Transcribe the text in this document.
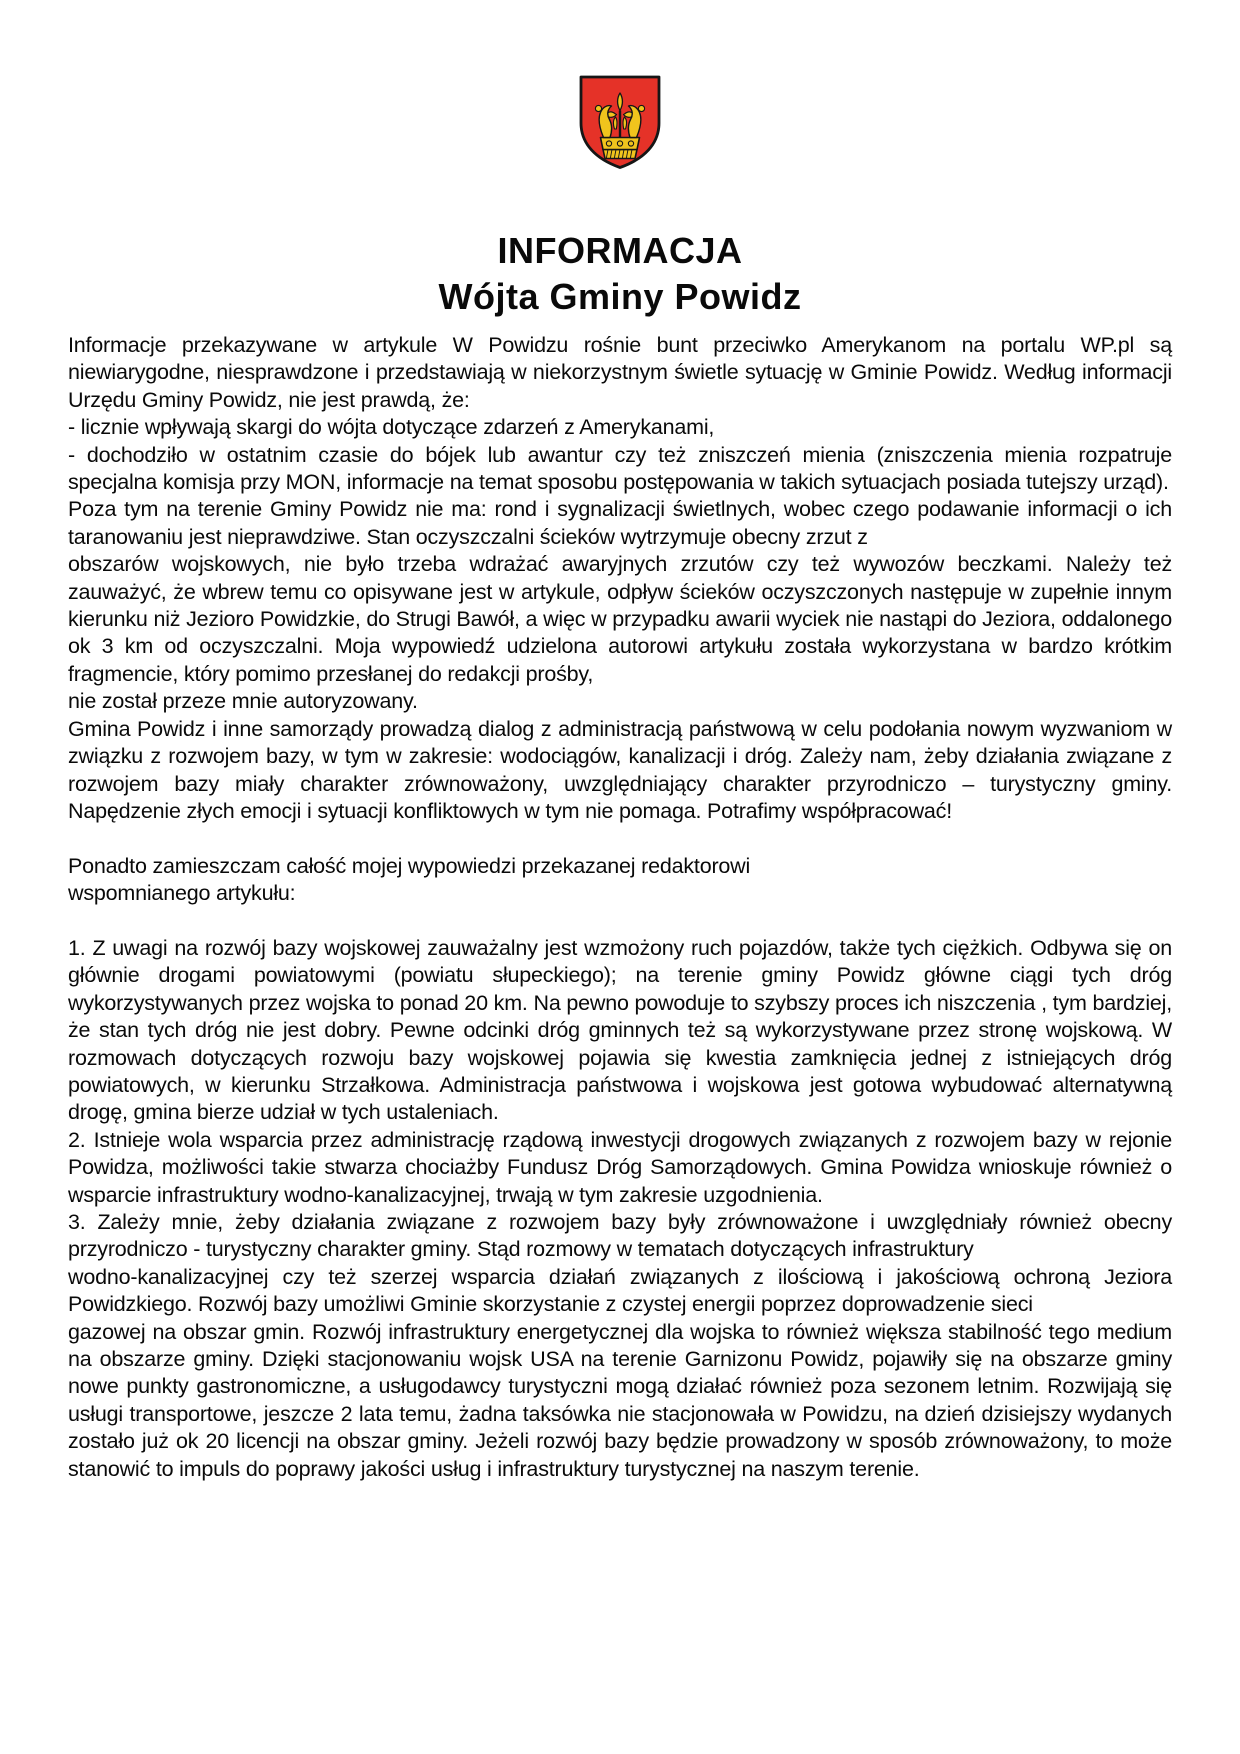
INFORMACJA
Wójta Gminy Powidz

Informacje przekazywane w artykule W Powidzu rośnie bunt przeciwko Amerykanom na portalu WP.pl są niewiarygodne, niesprawdzone i przedstawiają w niekorzystnym świetle sytuację w Gminie Powidz. Według informacji Urzędu Gminy Powidz, nie jest prawdą, że:

- licznie wpływają skargi do wójta dotyczące zdarzeń z Amerykanami,

- dochodziło w ostatnim czasie do bójek lub awantur czy też zniszczeń mienia (zniszczenia mienia rozpatruje specjalna komisja przy MON, informacje na temat sposobu postępowania w takich sytuacjach posiada tutejszy urząd).

Poza tym na terenie Gminy Powidz nie ma: rond i sygnalizacji świetlnych, wobec czego podawanie informacji o ich taranowaniu jest nieprawdziwe. Stan oczyszczalni ścieków wytrzymuje obecny zrzut z

obszarów wojskowych, nie było trzeba wdrażać awaryjnych zrzutów czy też wywozów beczkami. Należy też zauważyć, że wbrew temu co opisywane jest w artykule, odpływ ścieków oczyszczonych następuje w zupełnie innym kierunku niż Jezioro Powidzkie, do Strugi Bawół, a więc w przypadku awarii wyciek nie nastąpi do Jeziora, oddalonego ok 3 km od oczyszczalni. Moja wypowiedź udzielona autorowi artykułu została wykorzystana w bardzo krótkim fragmencie, który pomimo przesłanej do redakcji prośby,

nie został przeze mnie autoryzowany.

Gmina Powidz i inne samorządy prowadzą dialog z administracją państwową w celu podołania nowym wyzwaniom w związku z rozwojem bazy, w tym w zakresie: wodociągów, kanalizacji i dróg. Zależy nam, żeby działania związane z rozwojem bazy miały charakter zrównoważony, uwzględniający charakter przyrodniczo – turystyczny gminy. Napędzenie złych emocji i sytuacji konfliktowych w tym nie pomaga. Potrafimy współpracować!

Ponadto zamieszczam całość mojej wypowiedzi przekazanej redaktorowi

wspomnianego artykułu:

1. Z uwagi na rozwój bazy wojskowej zauważalny jest wzmożony ruch pojazdów, także tych ciężkich. Odbywa się on głównie drogami powiatowymi (powiatu słupeckiego); na terenie gminy Powidz główne ciągi tych dróg wykorzystywanych przez wojska to ponad 20 km. Na pewno powoduje to szybszy proces ich niszczenia , tym bardziej, że stan tych dróg nie jest dobry. Pewne odcinki dróg gminnych też są wykorzystywane przez stronę wojskową. W rozmowach dotyczących rozwoju bazy wojskowej pojawia się kwestia zamknięcia jednej z istniejących dróg powiatowych, w kierunku Strzałkowa. Administracja państwowa i wojskowa jest gotowa wybudować alternatywną drogę, gmina bierze udział w tych ustaleniach.

2. Istnieje wola wsparcia przez administrację rządową inwestycji drogowych związanych z rozwojem bazy w rejonie Powidza, możliwości takie stwarza chociażby Fundusz Dróg Samorządowych. Gmina Powidza wnioskuje również o wsparcie infrastruktury wodno-kanalizacyjnej, trwają w tym zakresie uzgodnienia.

3. Zależy mnie, żeby działania związane z rozwojem bazy były zrównoważone i uwzględniały również obecny przyrodniczo - turystyczny charakter gminy. Stąd rozmowy w tematach dotyczących infrastruktury

wodno-kanalizacyjnej czy też szerzej wsparcia działań związanych z ilościową i jakościową ochroną Jeziora Powidzkiego. Rozwój bazy umożliwi Gminie skorzystanie z czystej energii poprzez doprowadzenie sieci

gazowej na obszar gmin. Rozwój infrastruktury energetycznej dla wojska to również większa stabilność tego medium na obszarze gminy. Dzięki stacjonowaniu wojsk USA na terenie Garnizonu Powidz, pojawiły się na obszarze gminy nowe punkty gastronomiczne, a usługodawcy turystyczni mogą działać również poza sezonem letnim. Rozwijają się usługi transportowe, jeszcze 2 lata temu, żadna taksówka nie stacjonowała w Powidzu, na dzień dzisiejszy wydanych zostało już ok 20 licencji na obszar gminy. Jeżeli rozwój bazy będzie prowadzony w sposób zrównoważony, to może stanowić to impuls do poprawy jakości usług i infrastruktury turystycznej na naszym terenie.
